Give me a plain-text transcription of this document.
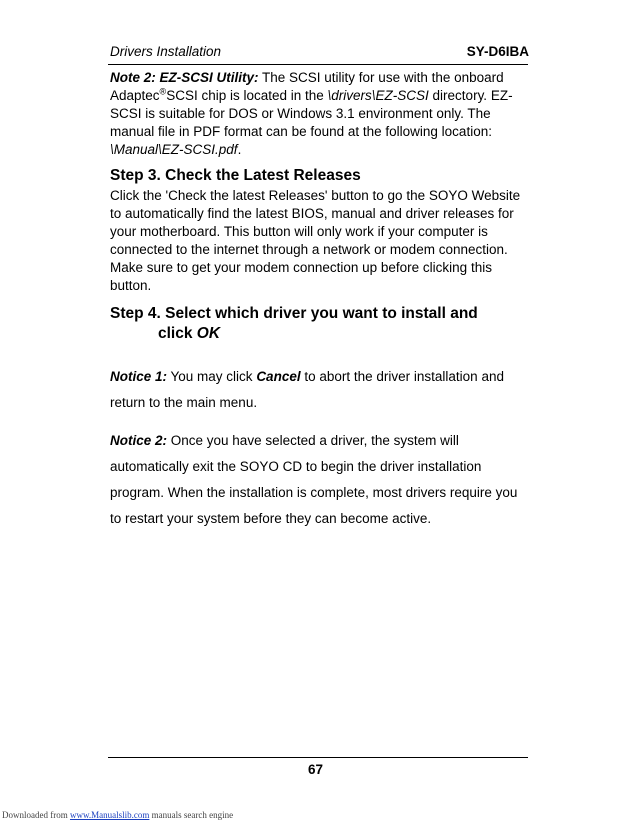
Drivers Installation	SY-D6IBA
Note 2: EZ-SCSI Utility: The SCSI utility for use with the onboard Adaptec®SCSI chip is located in the \drivers\EZ-SCSI directory. EZ-SCSI is suitable for DOS or Windows 3.1 environment only. The manual file in PDF format can be found at the following location: \Manual\EZ-SCSI.pdf.
Step 3. Check the Latest Releases
Click the 'Check the latest Releases' button to go the SOYO Website to automatically find the latest BIOS, manual and driver releases for your motherboard. This button will only work if your computer is connected to the internet through a network or modem connection. Make sure to get your modem connection up before clicking this button.
Step 4. Select which driver you want to install and
click OK
Notice 1: You may click Cancel to abort the driver installation and return to the main menu.
Notice 2: Once you have selected a driver, the system will automatically exit the SOYO CD to begin the driver installation program. When the installation is complete, most drivers require you to restart your system before they can become active.
67
Downloaded from www.Manualslib.com manuals search engine
